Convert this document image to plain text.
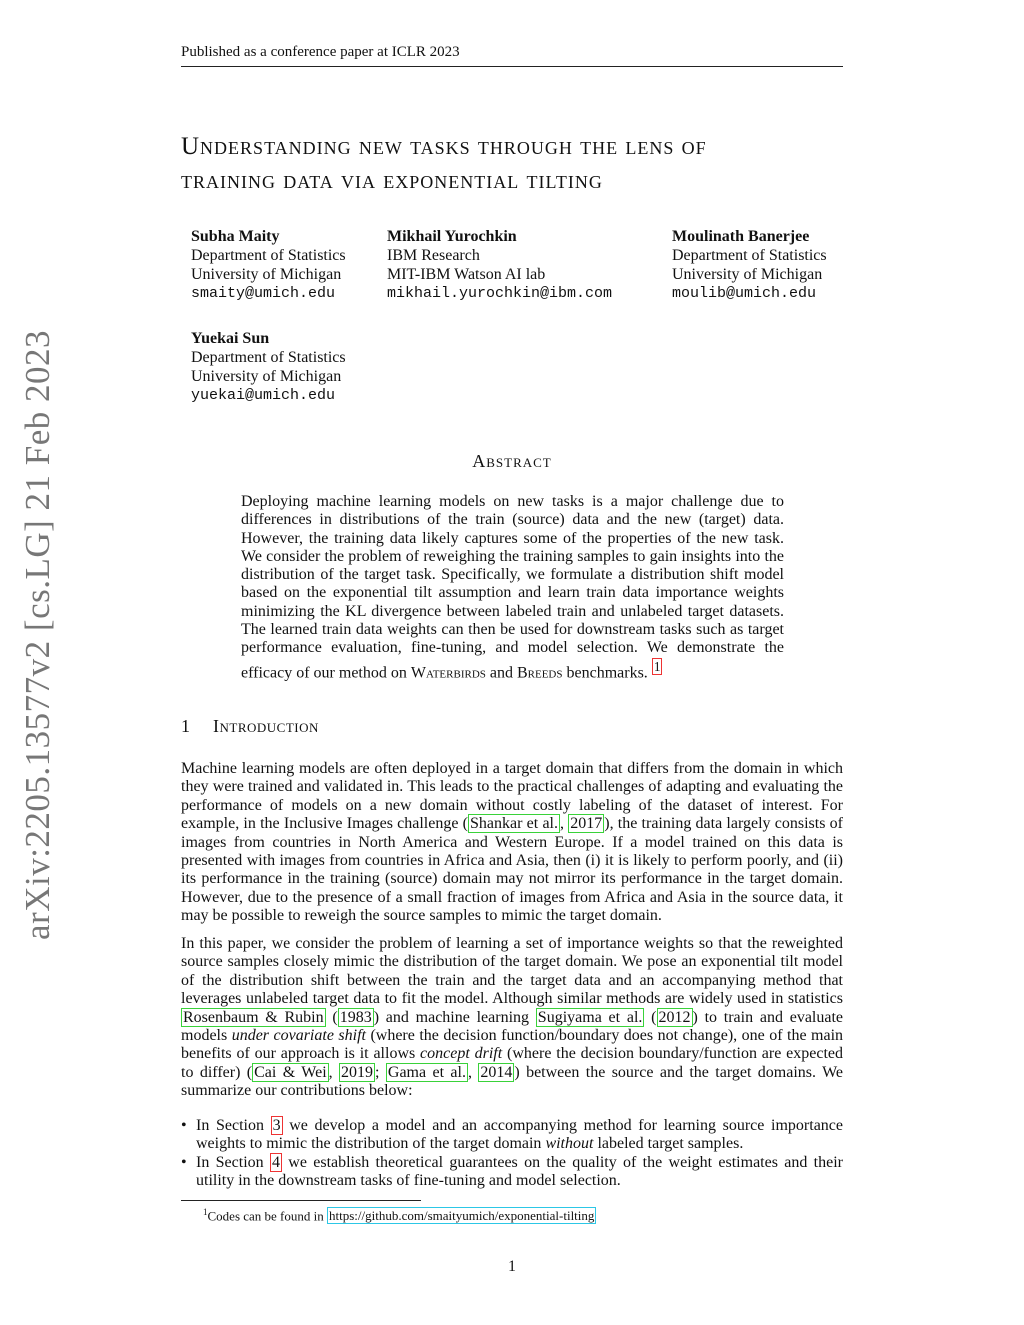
Published as a conference paper at ICLR 2023
arXiv:2205.13577v2 [cs.LG] 21 Feb 2023
Understanding new tasks through the lens of
training data via exponential tilting
Subha Maity
Department of Statistics
University of Michigan
smaity@umich.edu
Mikhail Yurochkin
IBM Research
MIT-IBM Watson AI lab
mikhail.yurochkin@ibm.com
Moulinath Banerjee
Department of Statistics
University of Michigan
moulib@umich.edu
Yuekai Sun
Department of Statistics
University of Michigan
yuekai@umich.edu
Abstract
Deploying machine learning models on new tasks is a major challenge due to differences in distributions of the train (source) data and the new (target) data. However, the training data likely captures some of the properties of the new task. We consider the problem of reweighing the training samples to gain insights into the distribution of the target task. Specifically, we formulate a distribution shift model based on the exponential tilt assumption and learn train data importance weights minimizing the KL divergence between labeled train and unlabeled target datasets. The learned train data weights can then be used for downstream tasks such as target performance evaluation, fine-tuning, and model selection. We demonstrate the efficacy of our method on Waterbirds and Breeds benchmarks. $^1$
1 Introduction
Machine learning models are often deployed in a target domain that differs from the domain in which they were trained and validated in. This leads to the practical challenges of adapting and evaluating the performance of models on a new domain without costly labeling of the dataset of interest. For example, in the Inclusive Images challenge ( Shankar et al. , 2017 ), the training data largely consists of images from countries in North America and Western Europe. If a model trained on this data is presented with images from countries in Africa and Asia, then (i) it is likely to perform poorly, and (ii) its performance in the training (source) domain may not mirror its performance in the target domain. However, due to the presence of a small fraction of images from Africa and Asia in the source data, it may be possible to reweigh the source samples to mimic the target domain.
In this paper, we consider the problem of learning a set of importance weights so that the reweighted source samples closely mimic the distribution of the target domain. We pose an exponential tilt model of the distribution shift between the train and the target data and an accompanying method that leverages unlabeled target data to fit the model. Although similar methods are widely used in statistics Rosenbaum & Rubin ( 1983 ) and machine learning Sugiyama et al. ( 2012 ) to train and evaluate models under covariate shift (where the decision function/boundary does not change), one of the main benefits of our approach is it allows concept drift (where the decision boundary/function are expected to differ) ( Cai & Wei , 2019 ; Gama et al. , 2014 ) between the source and the target domains. We summarize our contributions below:
• In Section 3 we develop a model and an accompanying method for learning source importance weights to mimic the distribution of the target domain without labeled target samples.
• In Section 4 we establish theoretical guarantees on the quality of the weight estimates and their utility in the downstream tasks of fine-tuning and model selection.
$^1$Codes can be found in https://github.com/smaityumich/exponential-tilting
1
